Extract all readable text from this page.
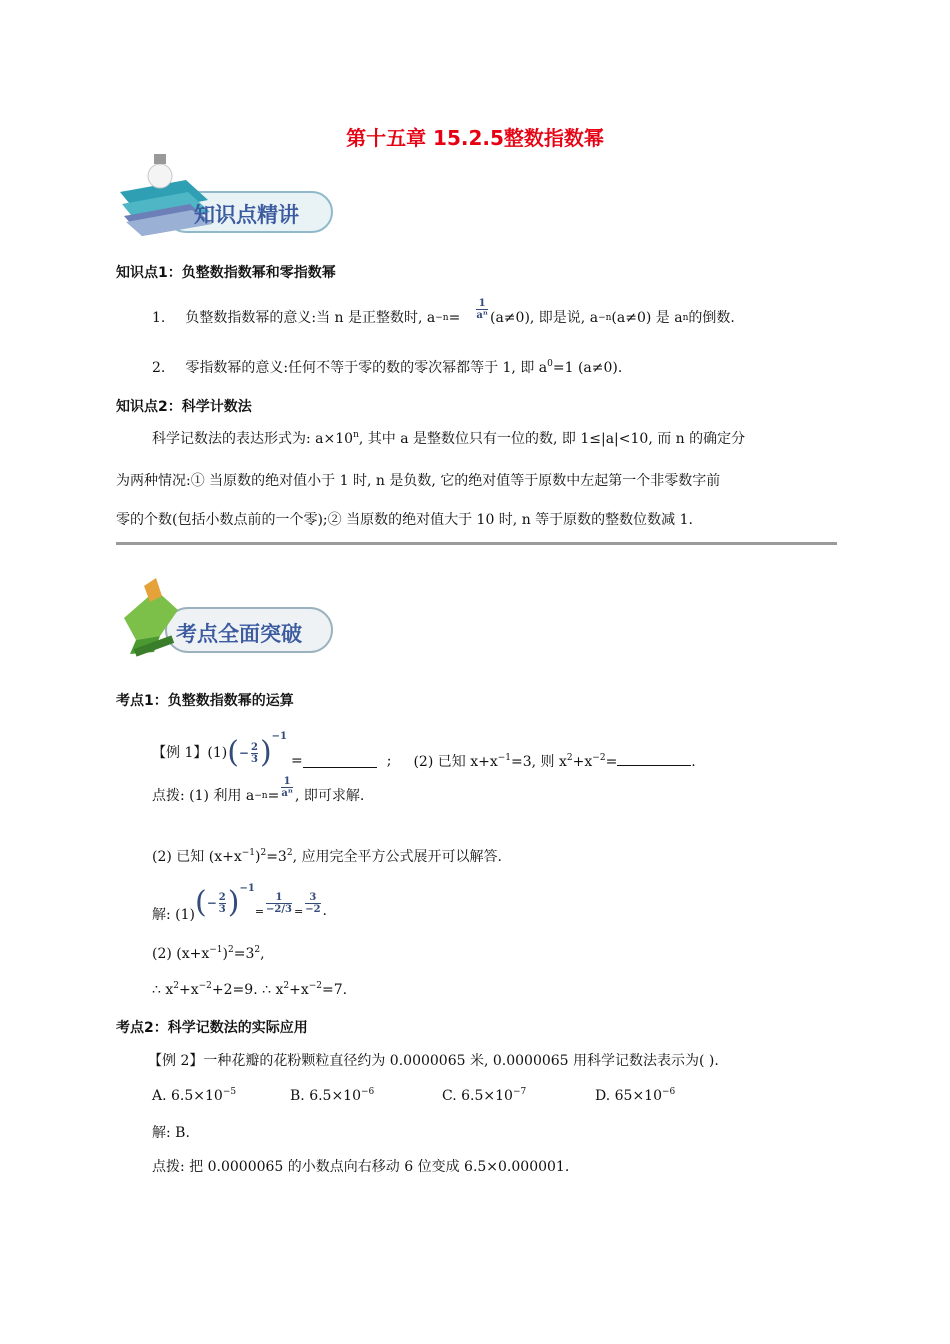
第十五章 15.2.5整数指数幂
知识点精讲
知识点1：负整数指数幂和零指数幂
1. 负整数指数幂的意义:当 n 是正整数时, a −n =
1
aⁿ (a≠0), 即是说, a −n (a≠0) 是 a n 的倒数.
2. 零指数幂的意义:任何不等于零的数的零次幂都等于 1, 即 $a^0=1$ (a≠0).
知识点2：科学计数法
科学记数法的表达形式为: $a\times 10^n$, 其中 a 是整数位只有一位的数, 即 1≤|a|<10, 而 n 的确定分
为两种情况:① 当原数的绝对值小于 1 时, n 是负数, 它的绝对值等于原数中左起第一个非零数字前
零的个数(包括小数点前的一个零);② 当原数的绝对值大于 10 时, n 等于原数的整数位数减 1.
考点全面突破
考点1：负整数指数幂的运算
【例 1】(1) ( − 2
3 ) −1
=	; (2) 已知 $x+x^{-1}=3$, 则 $x^2+x^{-2}=$	.
点拨: (1) 利用 a −n =
1
aⁿ , 即可求解.
(2) 已知 $(x+x^{-1})^2=3^2$, 应用完全平方公式展开可以解答.
解: (1) ( − 2
3 ) −1
=
1
−2/3 =
3
−2 .
(2) $(x+x^{-1})^2=3^2$,
∴ $x^2+x^{-2}+2=9$. ∴ $x^2+x^{-2}=7$.
考点2：科学记数法的实际应用
【例 2】一种花瓣的花粉颗粒直径约为 0.0000065 米, 0.0000065 用科学记数法表示为( ).
A. $6.5\times 10^{-5}$	B. $6.5\times 10^{-6}$	C. $6.5\times 10^{-7}$	D. $65\times 10^{-6}$
解: B.
点拨: 把 0.0000065 的小数点向右移动 6 位变成 6.5×0.000001.
